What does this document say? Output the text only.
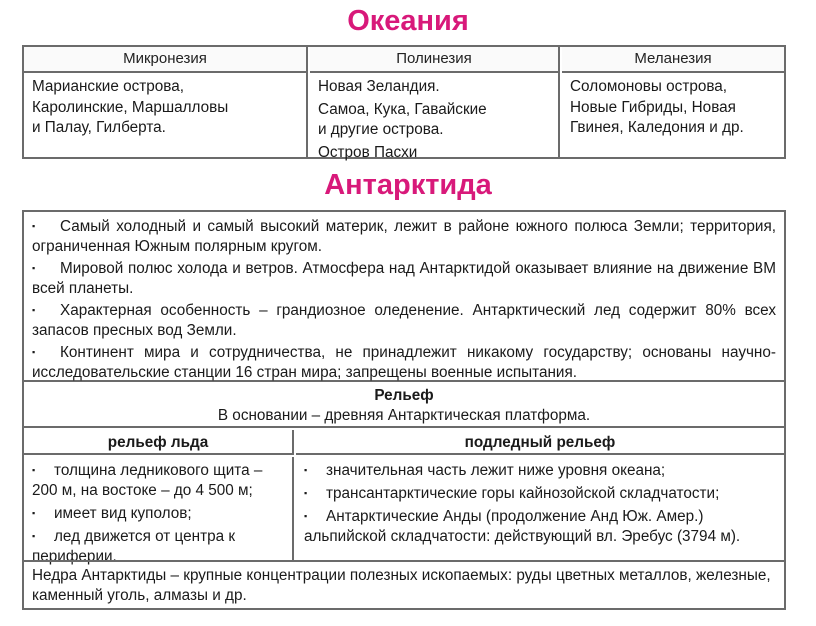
Океания
Микронезия
Марианские острова,
Каролинские, Маршалловы
и Палау, Гилберта.
Полинезия
Новая Зеландия.
Самоа, Кука, Гавайские
и другие острова.
Остров Пасхи
Меланезия
Соломоновы острова,
Новые Гибриды, Новая
Гвинея, Каледония и др.
Антарктида
▪ Самый холодный и самый высокий материк, лежит в районе южного полюса Земли; территория, ограниченная Южным полярным кругом.
▪ Мировой полюс холода и ветров. Атмосфера над Антарктидой оказывает влияние на движение ВМ всей планеты.
▪ Характерная особенность – грандиозное оледенение. Антарктический лед содержит 80% всех запасов пресных вод Земли.
▪ Континент мира и сотрудничества, не принадлежит никакому государству; основаны научно-исследовательские станции 16 стран мира; запрещены военные испытания.
Рельеф
В основании – древняя Антарктическая платформа.
рельеф льда	подледный рельеф
▪ толщина ледникового щита – 200 м, на востоке – до 4 500 м;
▪ имеет вид куполов;
▪ лед движется от центра к периферии.
▪ значительная часть лежит ниже уровня океана;
▪ трансантарктические горы кайнозойской складчатости;
▪ Антарктические Анды (продолжение Анд Юж. Амер.) альпийской складчатости: действующий вл. Эребус (3794 м).
Недра Антарктиды – крупные концентрации полезных ископаемых: руды цветных металлов, железные, каменный уголь, алмазы и др.
